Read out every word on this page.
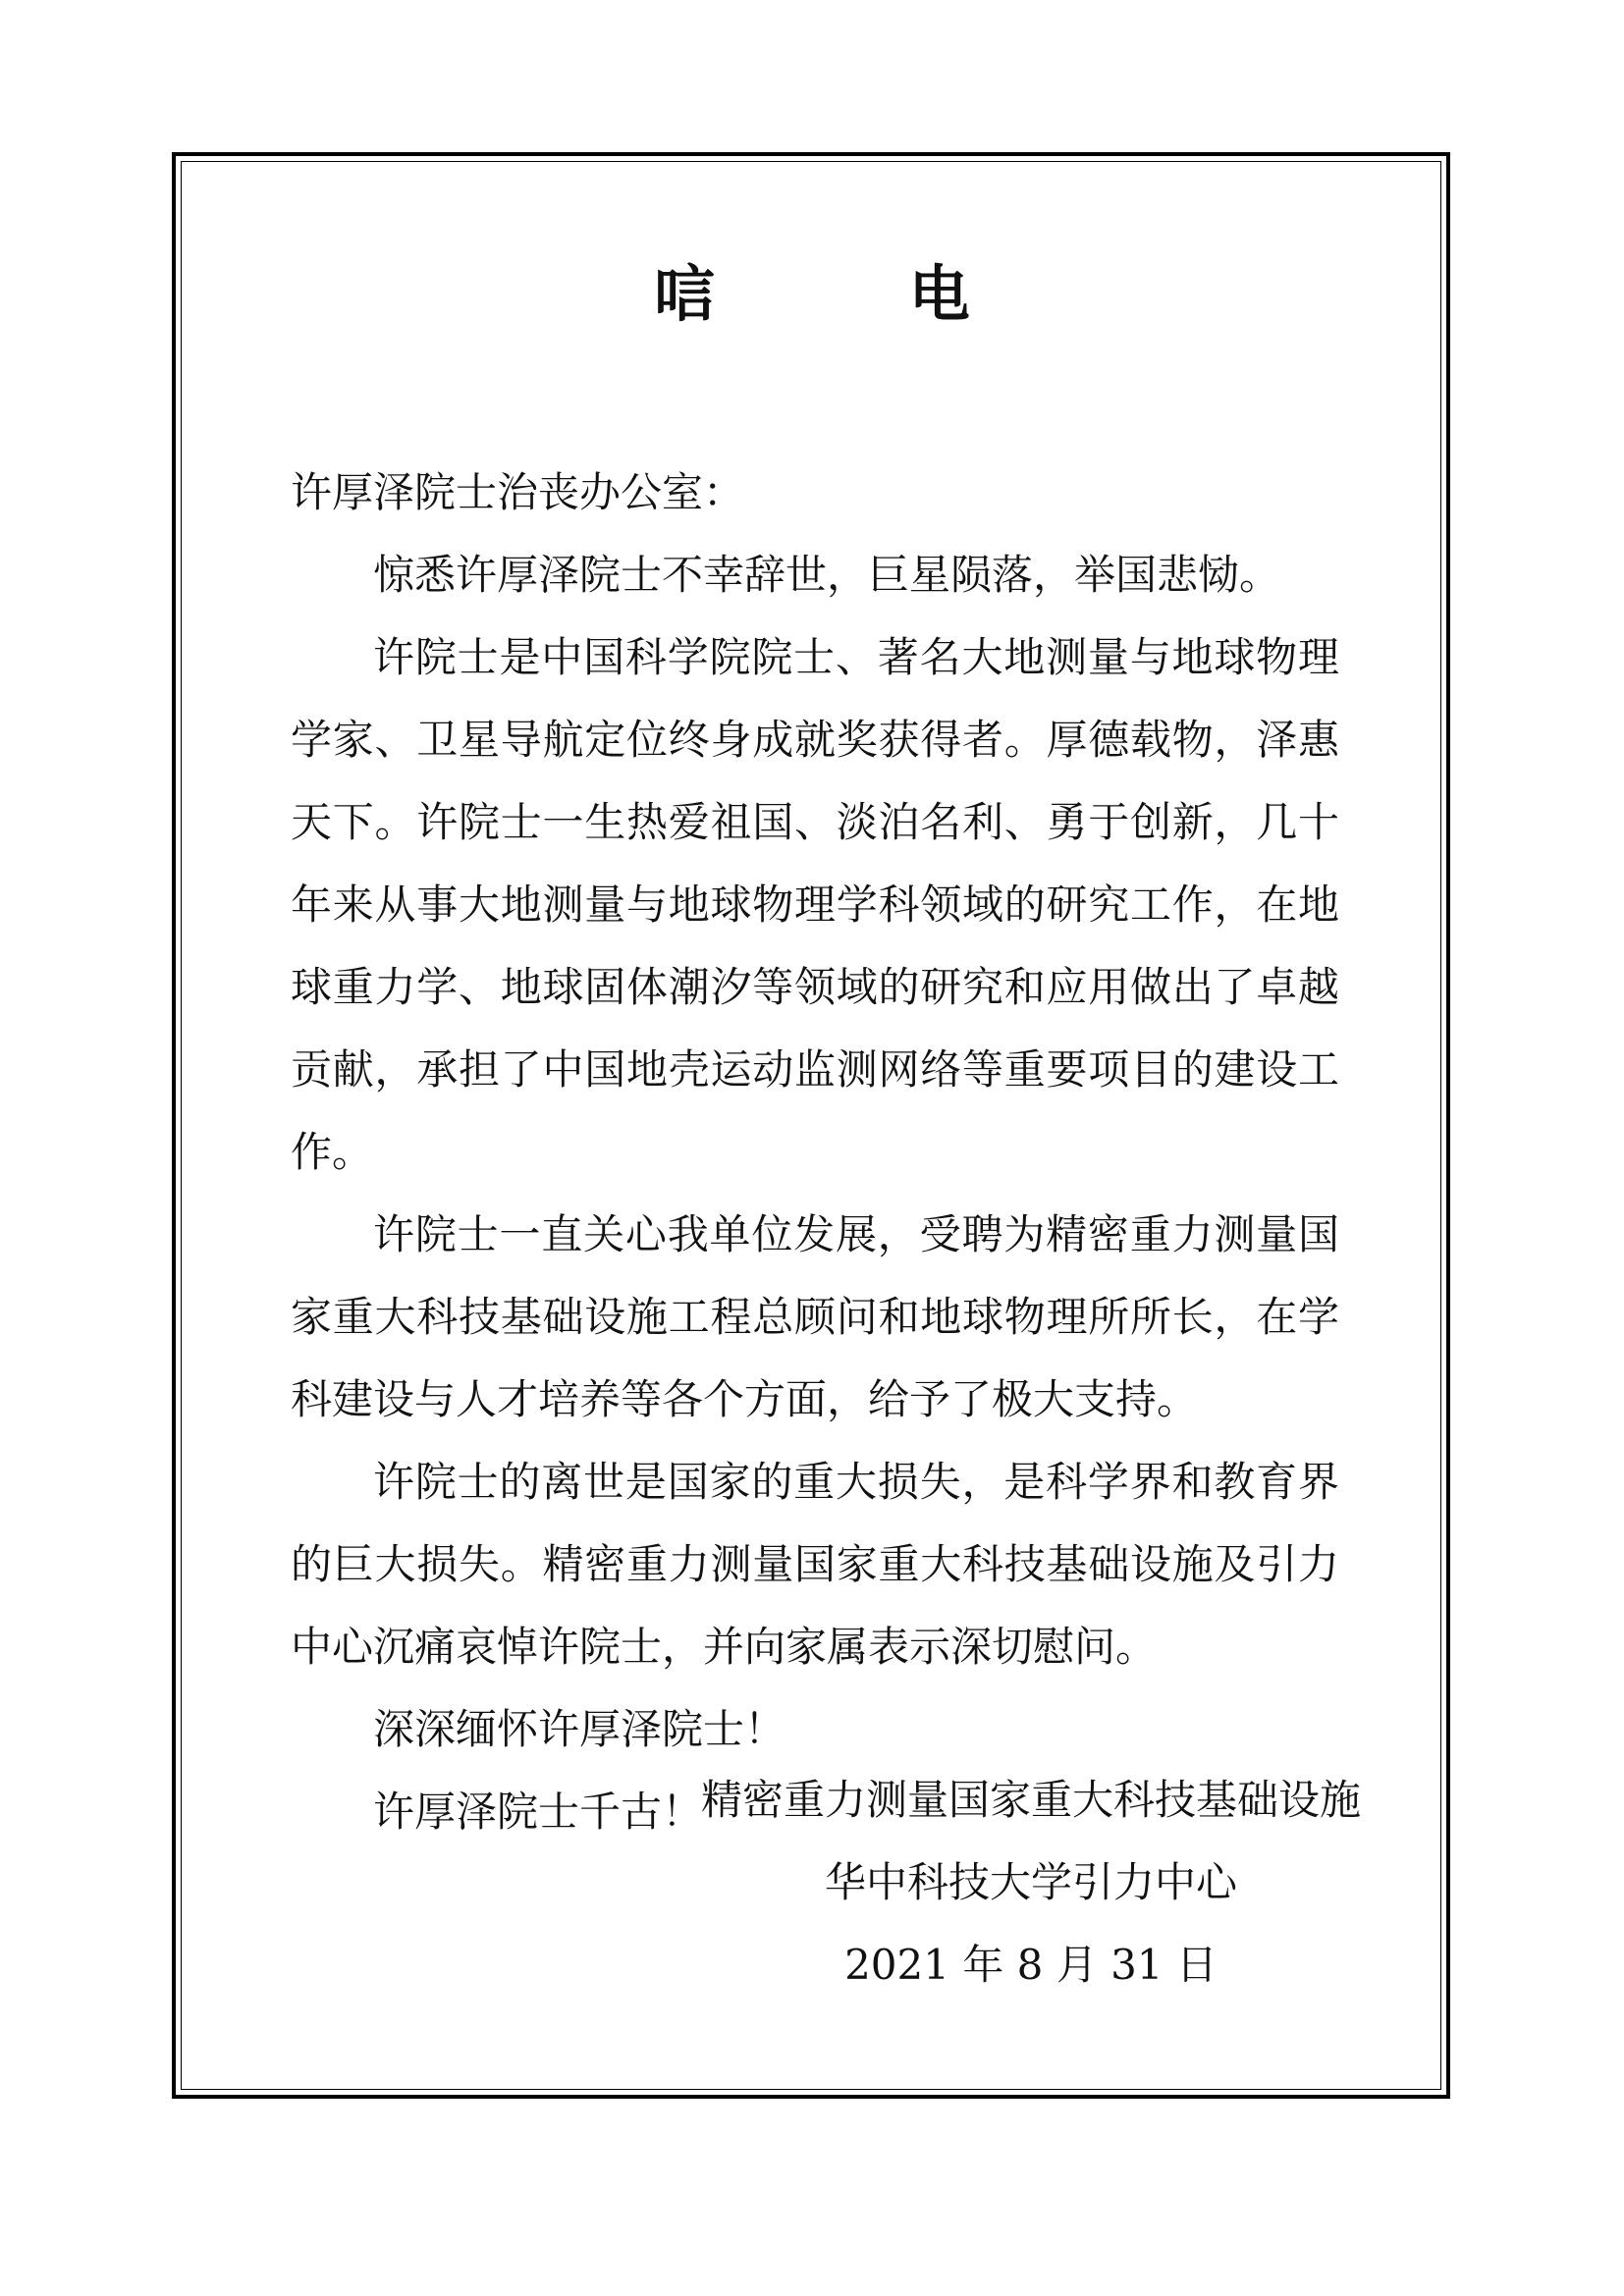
唁 电

许厚泽院士治丧办公室：

惊悉许厚泽院士不幸辞世，巨星陨落，举国悲恸。

许院士是中国科学院院士、著名大地测量与地球物理学家、卫星导航定位终身成就奖获得者。厚德载物，泽惠天下。许院士一生热爱祖国、淡泊名利、勇于创新，几十年来从事大地测量与地球物理学科领域的研究工作，在地球重力学、地球固体潮汐等领域的研究和应用做出了卓越贡献，承担了中国地壳运动监测网络等重要项目的建设工作。

许院士一直关心我单位发展，受聘为精密重力测量国家重大科技基础设施工程总顾问和地球物理所所长，在学科建设与人才培养等各个方面，给予了极大支持。

许院士的离世是国家的重大损失，是科学界和教育界的巨大损失。精密重力测量国家重大科技基础设施及引力中心沉痛哀悼许院士，并向家属表示深切慰问。

深深缅怀许厚泽院士！

许厚泽院士千古！

精密重力测量国家重大科技基础设施
华中科技大学引力中心
2021 年 8 月 31 日
